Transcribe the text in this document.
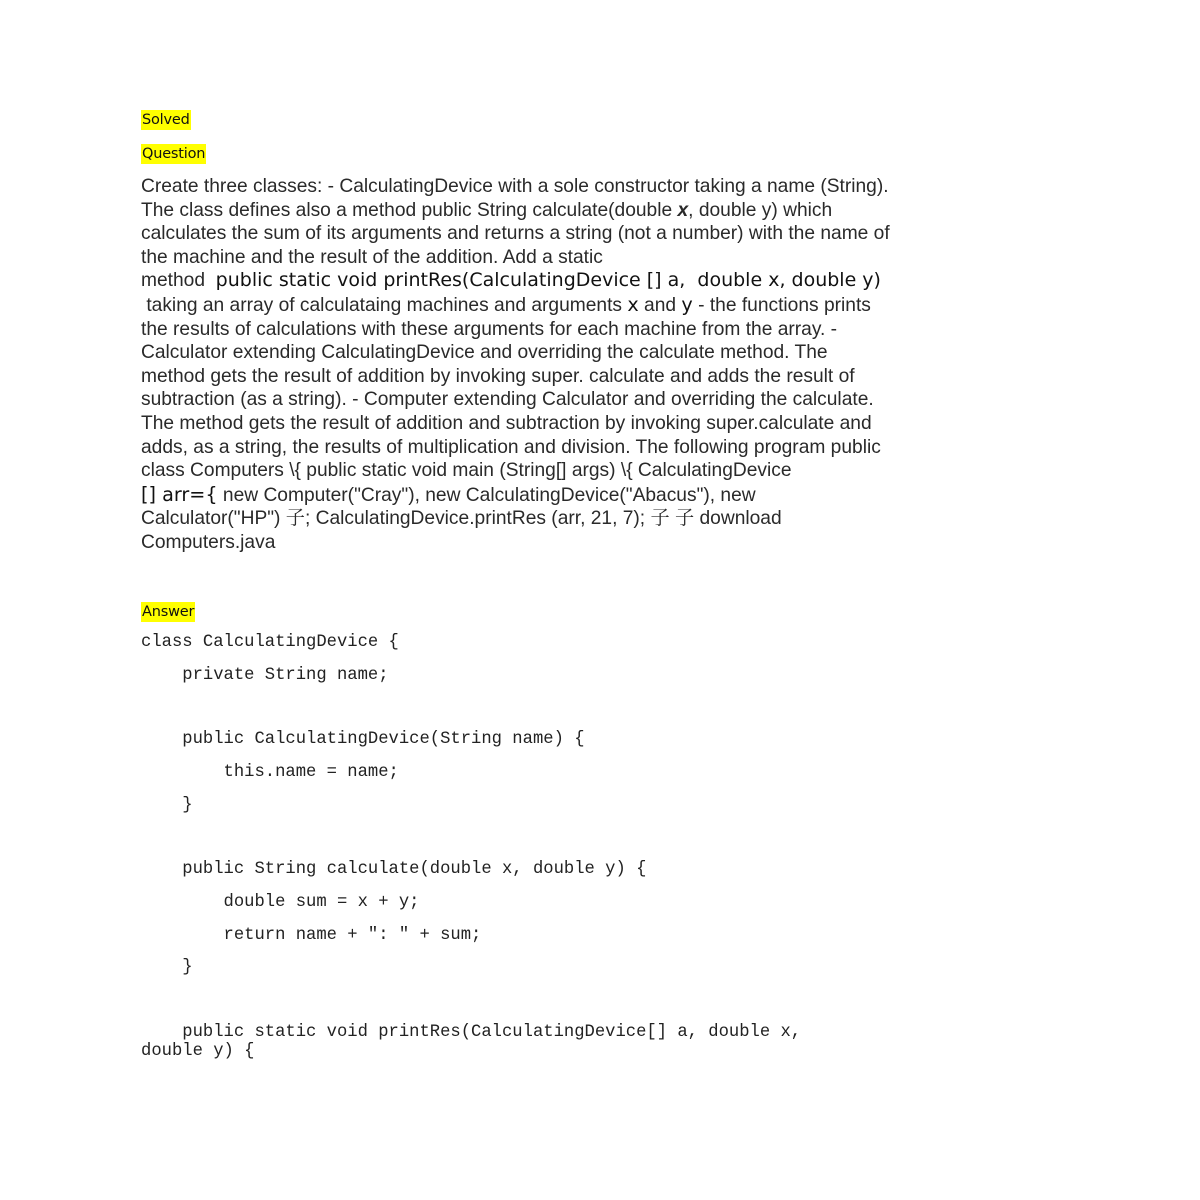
Solved
Question
Create three classes: - CalculatingDevice with a sole constructor taking a name (String).
The class defines also a method public String calculate(double x, double y) which
calculates the sum of its arguments and returns a string (not a number) with the name of
the machine and the result of the addition. Add a static
method  public static void printRes(CalculatingDevice [] a,  double x, double y)
taking an array of calculataing machines and arguments x and y - the functions prints
the results of calculations with these arguments for each machine from the array. -
Calculator extending CalculatingDevice and overriding the calculate method. The
method gets the result of addition by invoking super. calculate and adds the result of
subtraction (as a string). - Computer extending Calculator and overriding the calculate.
The method gets the result of addition and subtraction by invoking super.calculate and
adds, as a string, the results of multiplication and division. The following program public
class Computers \{ public static void main (String[] args) \{ CalculatingDevice
[] arr={ new Computer("Cray"), new CalculatingDevice("Abacus"), new
Calculator("HP") 子; CalculatingDevice.printRes (arr, 21, 7); 子 子 download
Computers.java
Answer
class CalculatingDevice {
private String name;
public CalculatingDevice(String name) {
this.name = name;
}
public String calculate(double x, double y) {
double sum = x + y;
return name + ": " + sum;
}
public static void printRes(CalculatingDevice[] a, double x,
double y) {
